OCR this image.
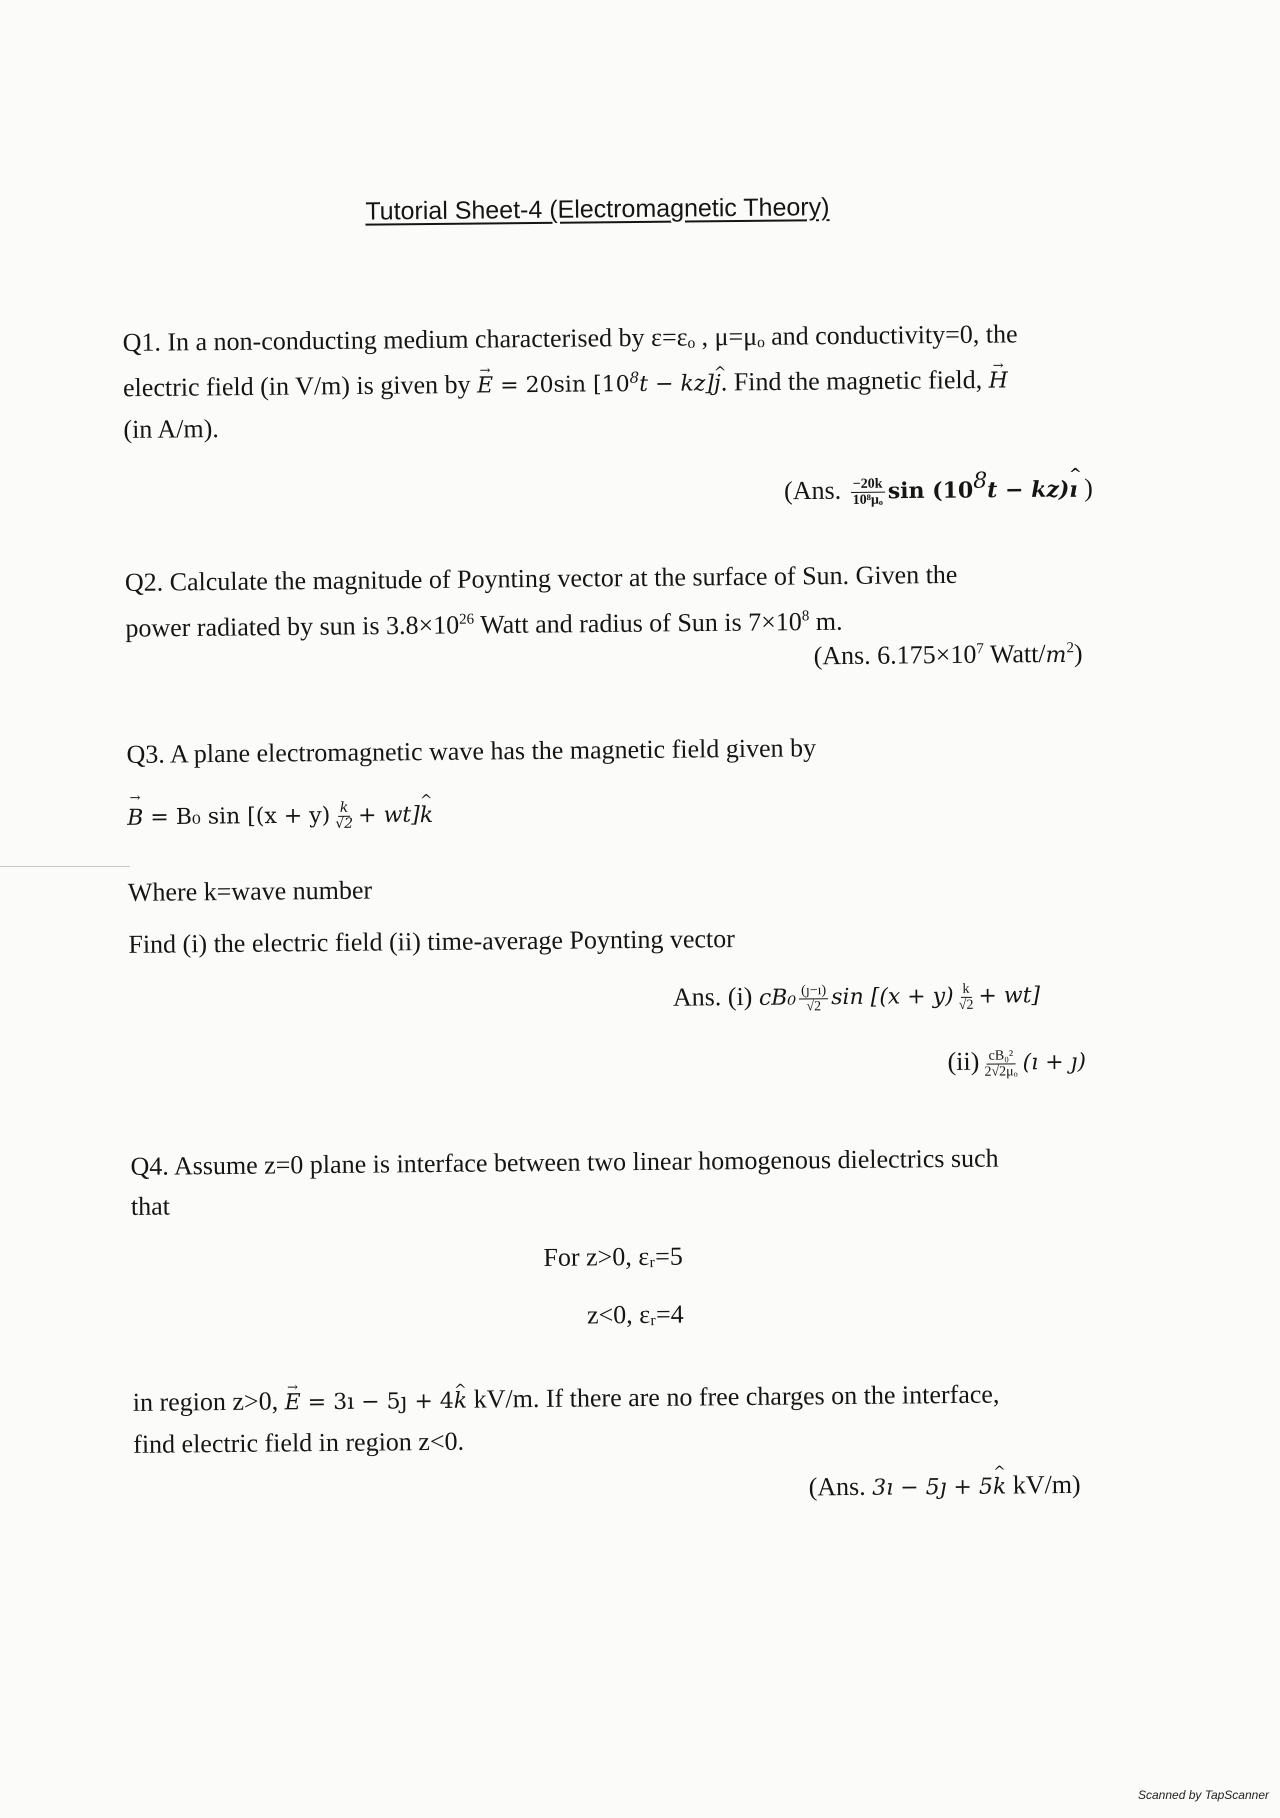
Tutorial Sheet-4 (Electromagnetic Theory)
Q1. In a non-conducting medium characterised by ε=εₒ , μ=μₒ and conductivity=0, the
electric field (in V/m) is given by → E = 20sin [$10^8t$ − kz]^ j. Find the magnetic field, → H
(in A/m).
(Ans. $\frac{-20k}{\text{10⁸μₒ}}$ $\sin (10^8t$ − kz)^ ı )
Q2. Calculate the magnitude of Poynting vector at the surface of Sun. Given the
power radiated by sun is $3.8\times 10^{26}$ Watt and radius of Sun is $7\times 10^8$ m.
(Ans. $6.175\times 10^7$ Watt/$m^2$)
Q3. A plane electromagnetic wave has the magnetic field given by
→ B = B₀ $\sin [(x + y) \frac{k}{√2}$ + wt]^ k
Where k=wave number
Find (i) the electric field (ii) time-average Poynting vector
Ans. (i) $cB_0 \frac{(ȷ-ı)}{√2}$ $\sin [(x + y) \frac{k}{√2} + wt]$
$(ii) \frac{\text{cB₀²}}{\text{2√2μₒ}}$ (ı + ȷ)
Q4. Assume z=0 plane is interface between two linear homogenous dielectrics such
that
For z>0, εᵣ=5
z<0, εᵣ=4
in region z>0, → E = 3ı − 5ȷ + 4^ k kV/m. If there are no free charges on the interface,
find electric field in region z<0.
(Ans. 3ı − 5ȷ + 5^ k kV/m)
Scanned by TapScanner
